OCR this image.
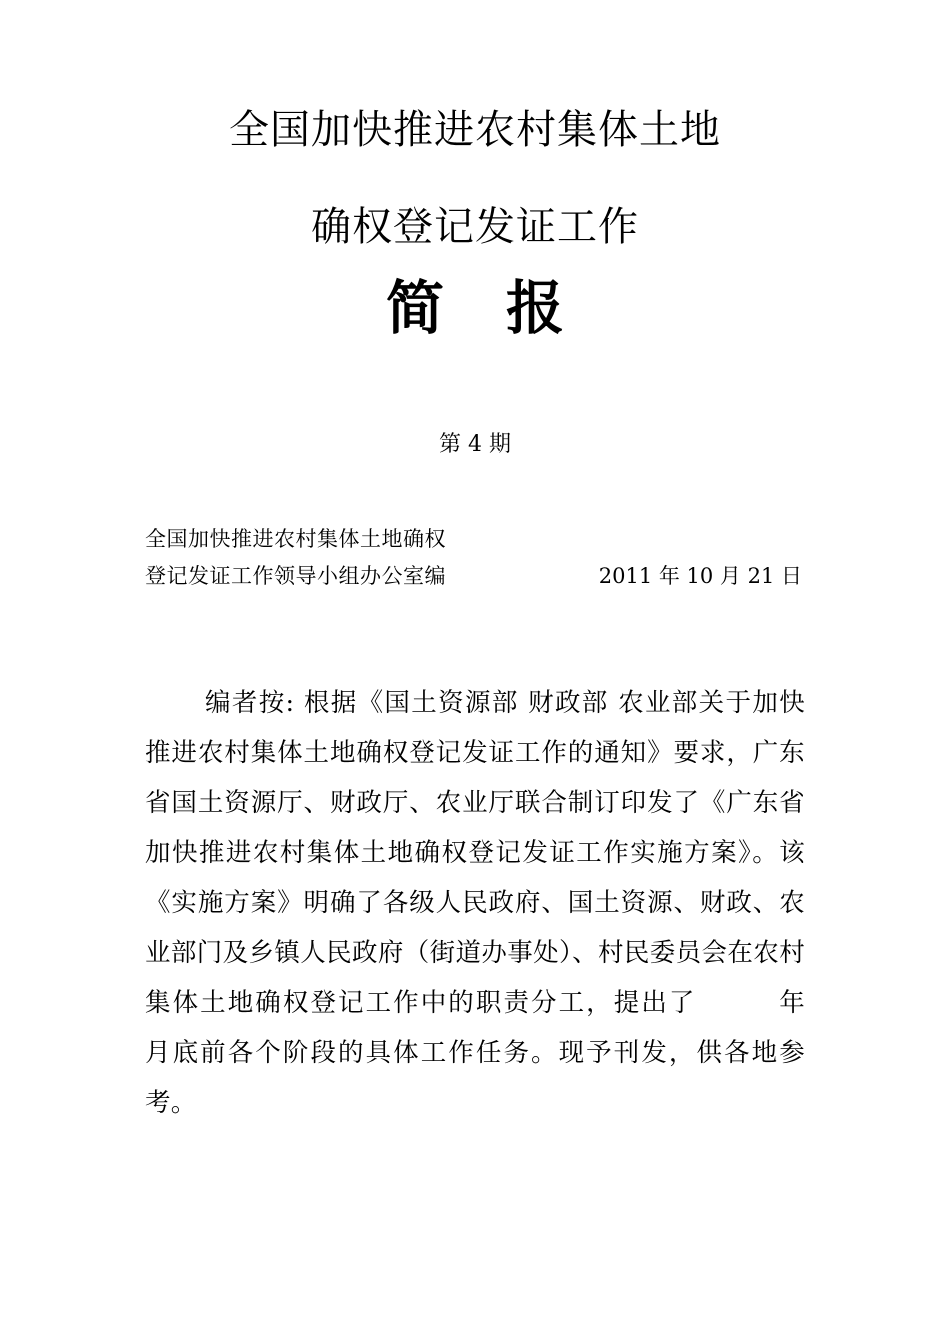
全国加快推进农村集体土地
确权登记发证工作
简报
第 4 期
全国加快推进农村集体土地确权
登记发证工作领导小组办公室编	2011 年 10 月 21 日
编者按: 根据《国土资源部 财政部 农业部关于加快推进农村集体土地确权登记发证工作的通知》要求，广东省国土资源厅、财政厅、农业厅联合制订印发了《广东省加快推进农村集体土地确权登记发证工作实施方案》。该《实施方案》明确了各级人民政府、国土资源、财政、农业部门及乡镇人民政府（街道办事处）、村民委员会在农村集体土地确权登记工作中的职责分工，提出了　　　年　　月底前各个阶段的具体工作任务。现予刊发，供各地参考。
